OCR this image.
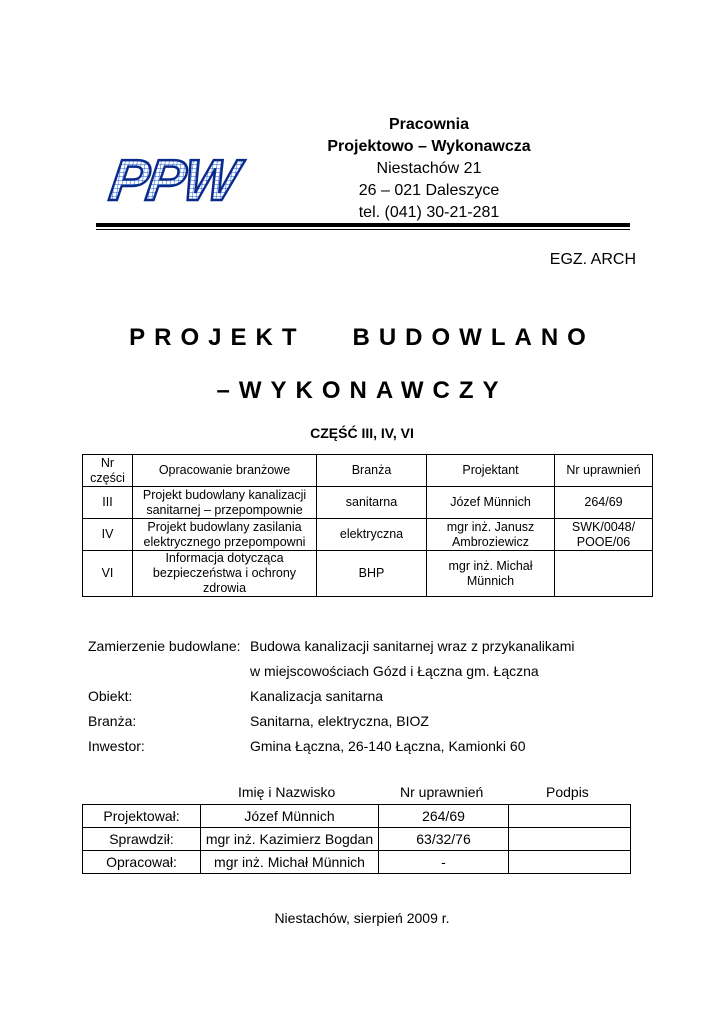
PPW
Pracownia
Projektowo – Wykonawcza
Niestachów 21
26 – 021 Daleszyce
tel. (041) 30-21-281
EGZ. ARCH
PROJEKT   BUDOWLANO
–WYKONAWCZY
CZĘŚĆ III, IV, VI
Nr części	Opracowanie branżowe	Branża	Projektant	Nr uprawnień
III	Projekt budowlany kanalizacji sanitarnej – przepompownie	sanitarna	Józef Münnich	264/69
IV	Projekt budowlany zasilania elektrycznego przepompowni	elektryczna	mgr inż. Janusz Ambroziewicz	SWK/0048/ POOE/06
VI	Informacja dotycząca bezpieczeństwa i ochrony zdrowia	BHP	mgr inż. Michał Münnich	
Zamierzenie budowlane: Budowa kanalizacji sanitarnej wraz z przykanalikami
w miejscowościach Gózd i Łączna gm. Łączna
Obiekt:	Kanalizacja sanitarna
Branża:	Sanitarna, elektryczna, BIOZ
Inwestor:	Gmina Łączna, 26-140 Łączna, Kamionki 60
Imię i Nazwisko	Nr uprawnień	Podpis
Projektował:	Józef Münnich	264/69	
Sprawdził:	mgr inż. Kazimierz Bogdan	63/32/76	
Opracował:	mgr inż. Michał Münnich	-	
Niestachów, sierpień 2009 r.
